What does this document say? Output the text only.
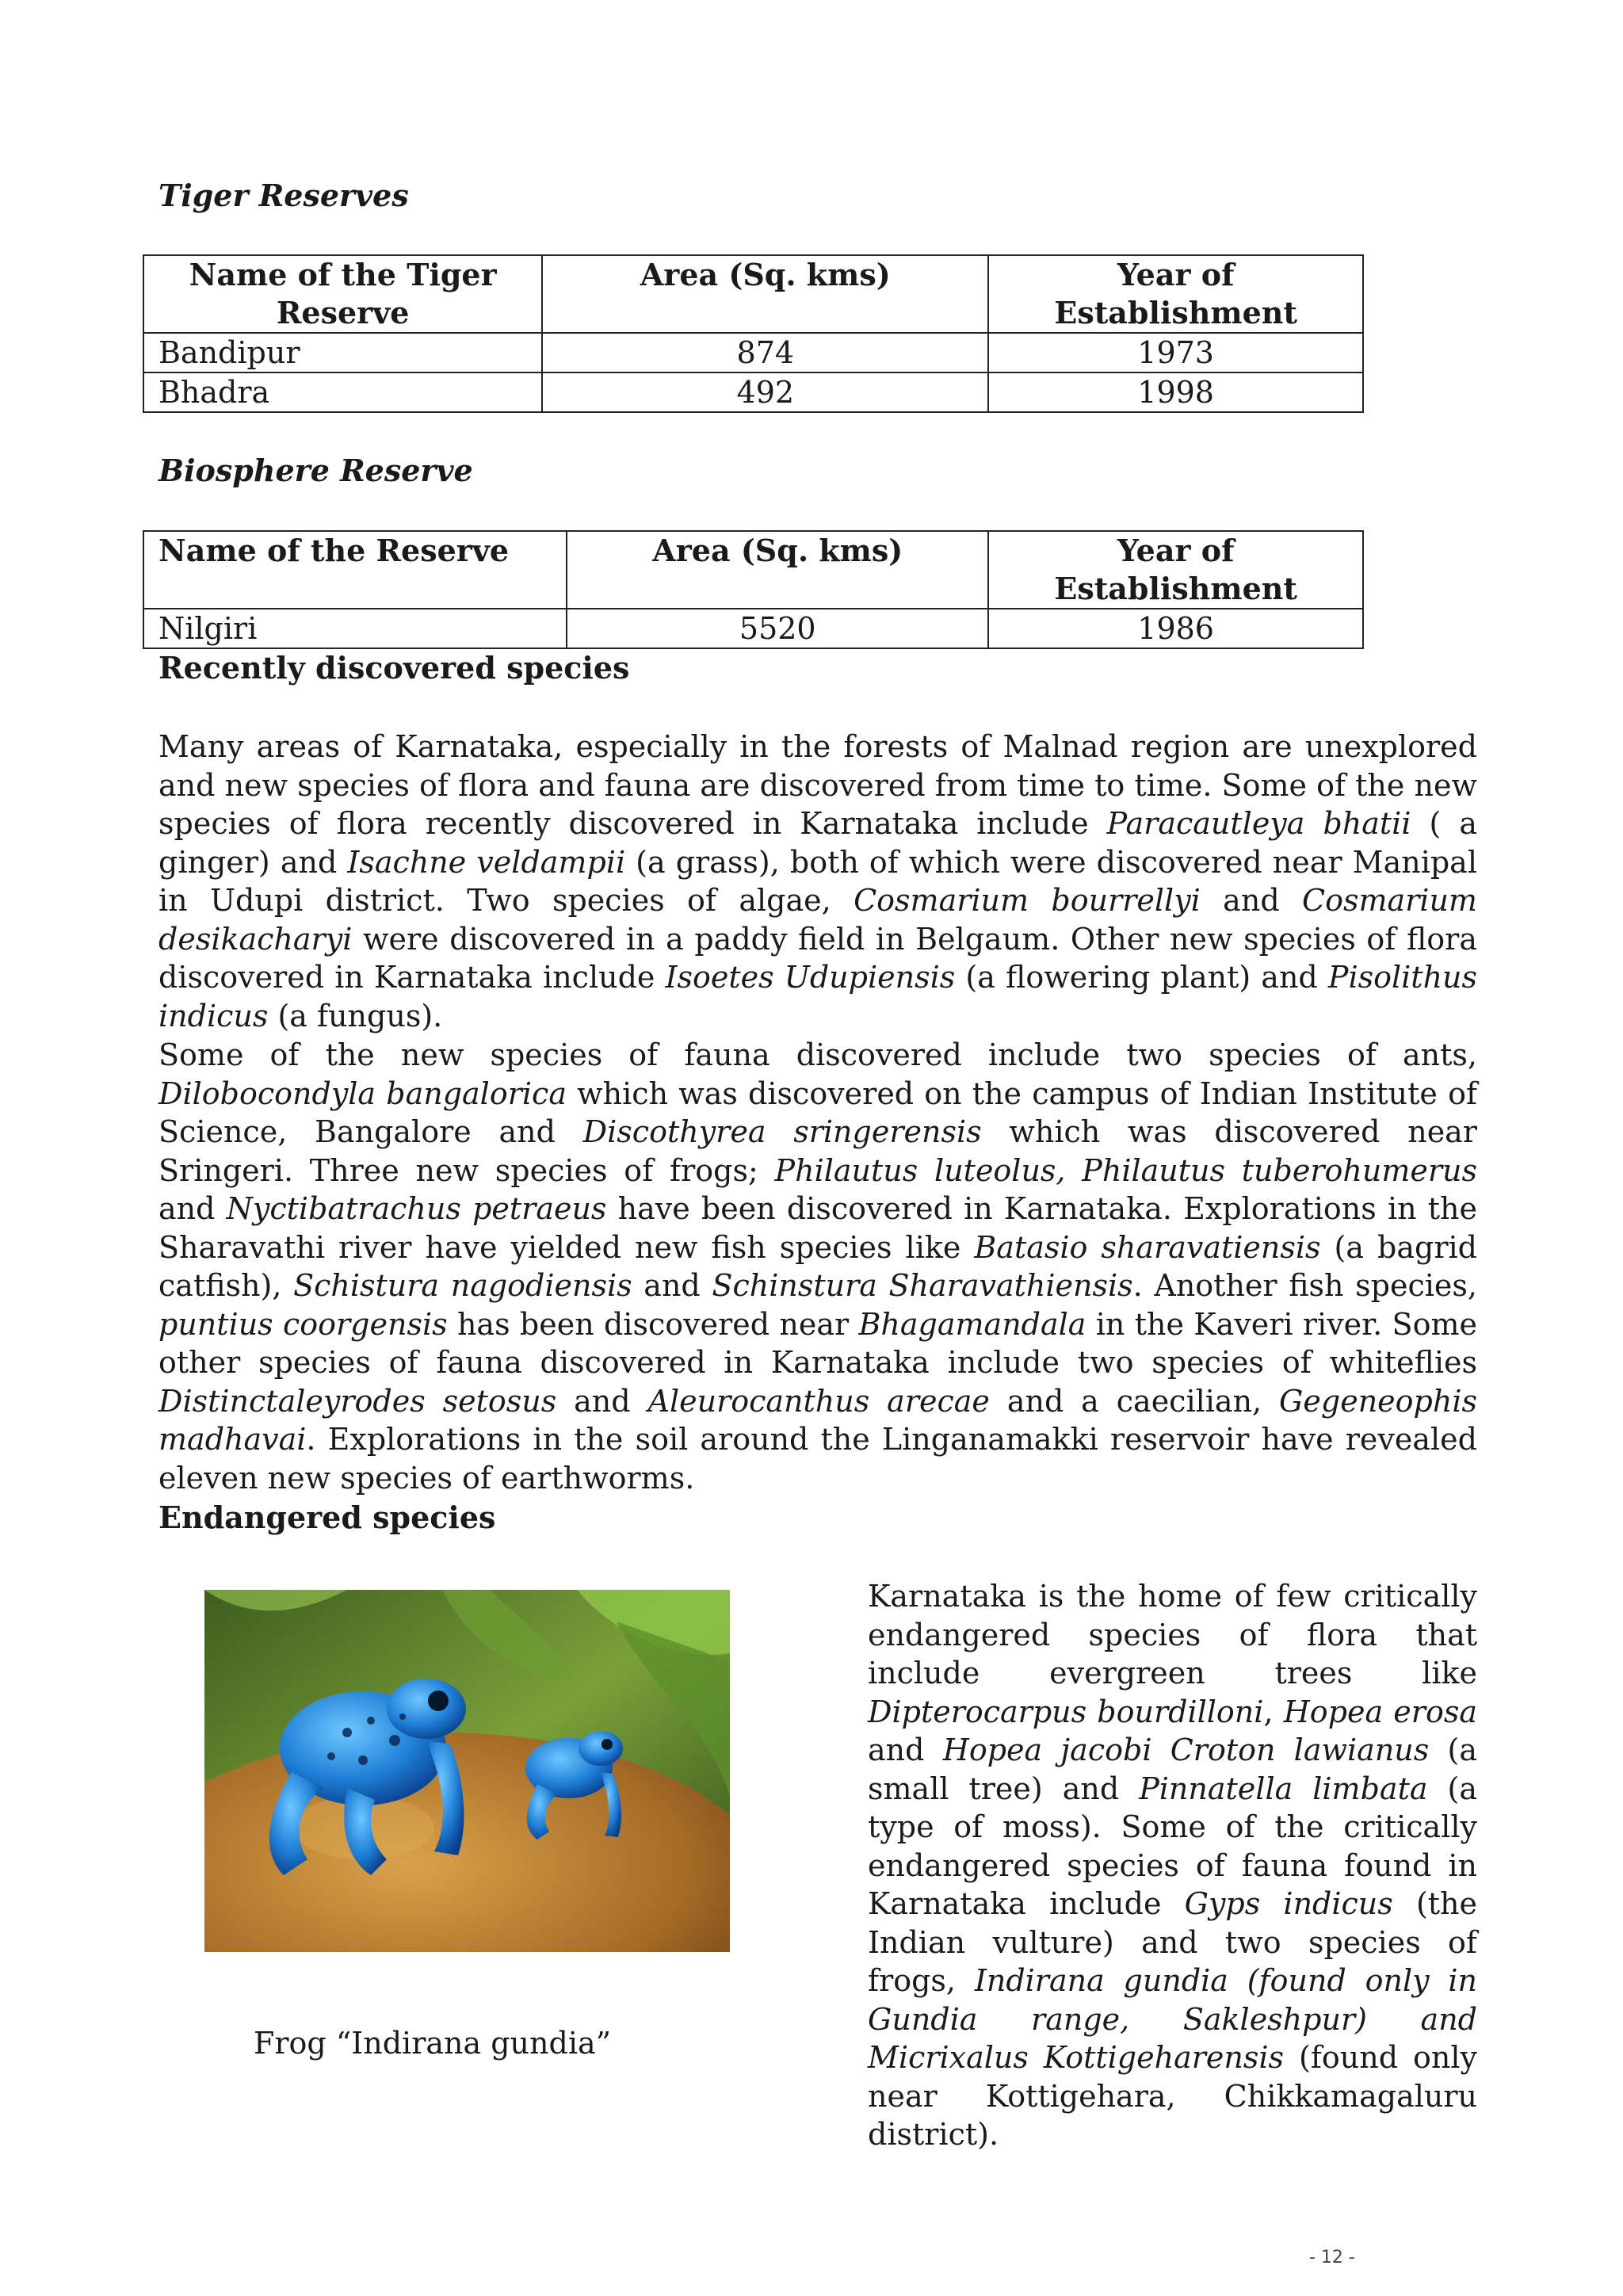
Tiger Reserves
Name of the Tiger Reserve	Area (Sq. kms)	Year of Establishment
Bandipur	874	1973
Bhadra	492	1998
Biosphere Reserve
Name of the Reserve	Area (Sq. kms)	Year of Establishment
Nilgiri	5520	1986
Recently discovered species

Many areas of Karnataka, especially in the forests of Malnad region are unexplored and new species of flora and fauna are discovered from time to time. Some of the new species of flora recently discovered in Karnataka include Paracautleya bhatii ( a ginger) and Isachne veldampii (a grass), both of which were discovered near Manipal in Udupi district. Two species of algae, Cosmarium bourrellyi and Cosmarium desikacharyi were discovered in a paddy field in Belgaum. Other new species of flora discovered in Karnataka include Isoetes Udupiensis (a flowering plant) and Pisolithus indicus (a fungus).

Some of the new species of fauna discovered include two species of ants, Dilobocondyla bangalorica which was discovered on the campus of Indian Institute of Science, Bangalore and Discothyrea sringerensis which was discovered near Sringeri. Three new species of frogs; Philautus luteolus, Philautus tuberohumerus and Nyctibatrachus petraeus have been discovered in Karnataka. Explorations in the Sharavathi river have yielded new fish species like Batasio sharavatiensis (a bagrid catfish), Schistura nagodiensis and Schinstura Sharavathiensis. Another fish species, puntius coorgensis has been discovered near Bhagamandala in the Kaveri river. Some other species of fauna discovered in Karnataka include two species of whiteflies Distinctaleyrodes setosus and Aleurocanthus arecae and a caecilian, Gegeneophis madhavai. Explorations in the soil around the Linganamakki reservoir have revealed eleven new species of earthworms.

Endangered species
Frog “Indirana gundia”

Karnataka is the home of few critically endangered species of flora that include evergreen trees like Dipterocarpus bourdilloni, Hopea erosa and Hopea jacobi Croton lawianus (a small tree) and Pinnatella limbata (a type of moss). Some of the critically endangered species of fauna found in Karnataka include Gyps indicus (the Indian vulture) and two species of frogs, Indirana gundia (found only in Gundia range, Sakleshpur) and Micrixalus Kottigeharensis (found only near Kottigehara, Chikkamagaluru district).

- 12 -
